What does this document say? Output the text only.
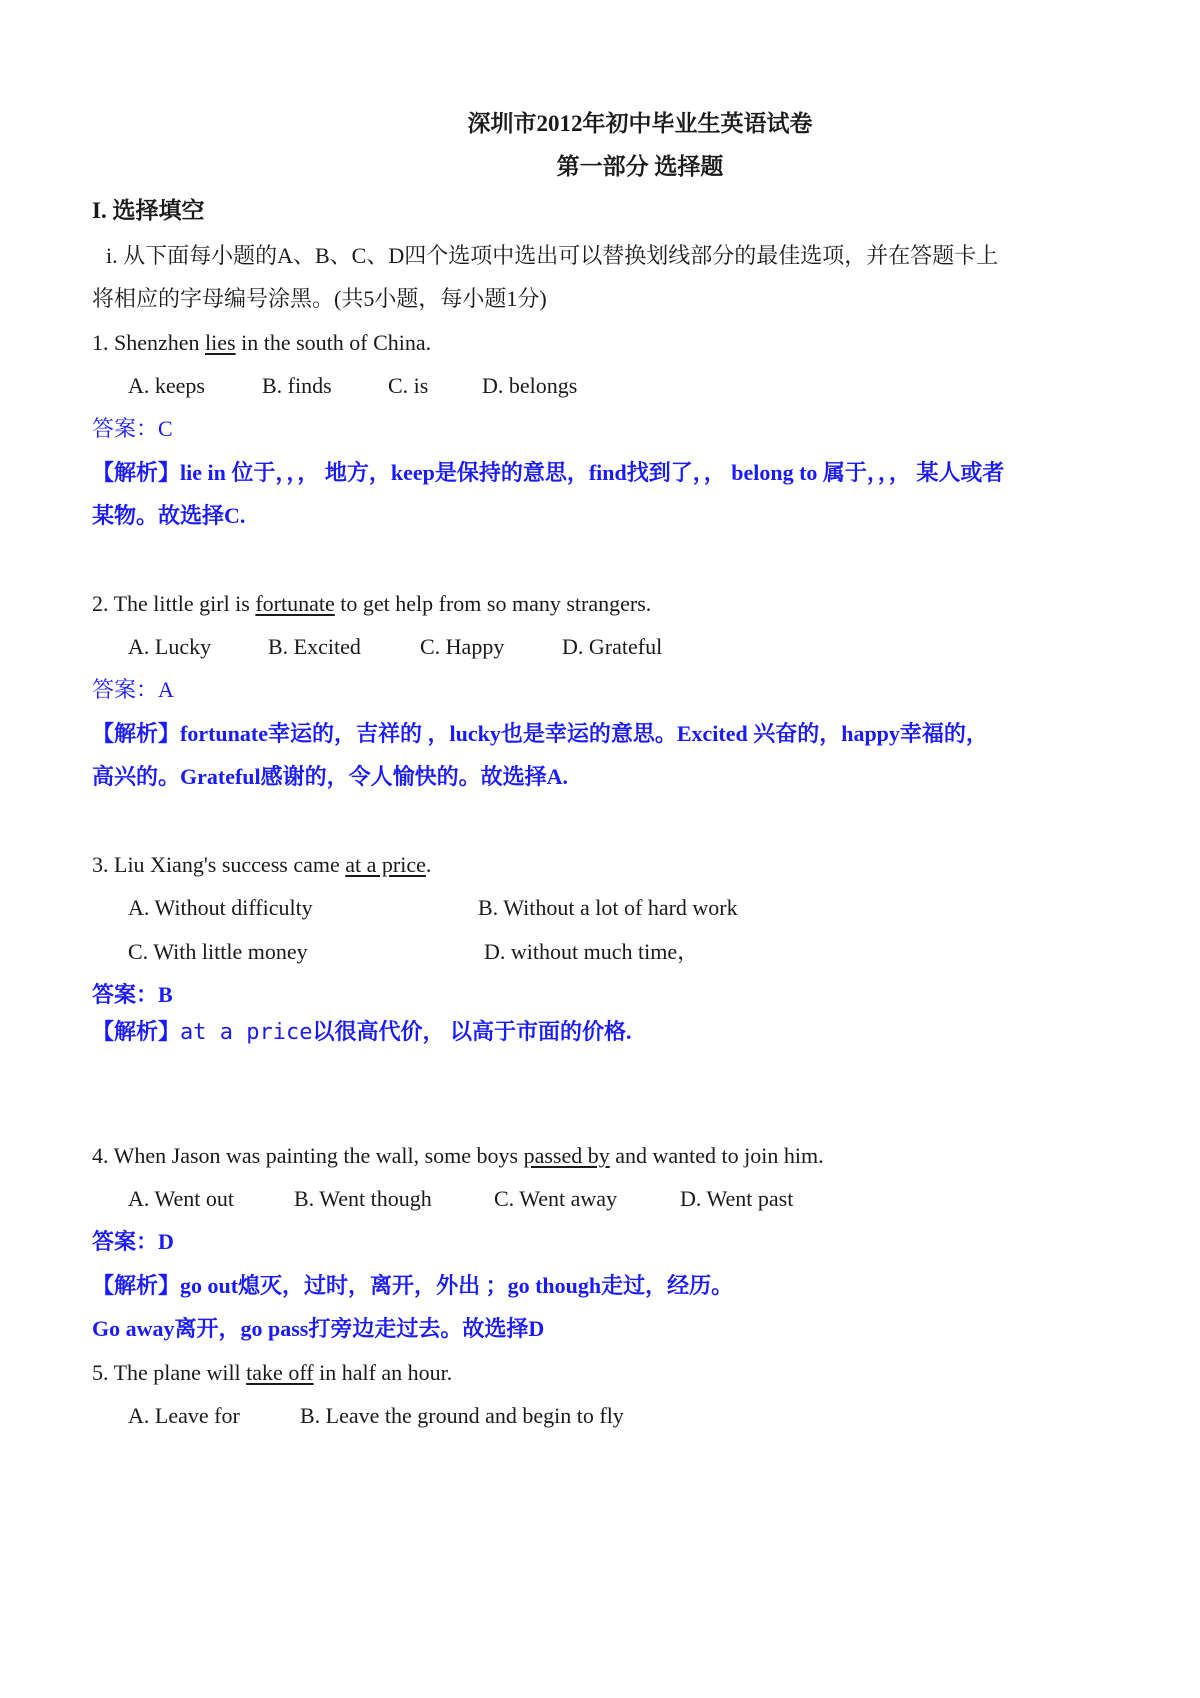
深圳市2012年初中毕业生英语试卷
第一部分 选择题
I. 选择填空
i. 从下面每小题的A、B、C、D四个选项中选出可以替换划线部分的最佳选项，并在答题卡上
将相应的字母编号涂黑。(共5小题，每小题1分)
1. Shenzhen lies in the south of China.
A. keeps	B. finds	C. is D. belongs
答案：C
【解析】lie in 位于，，， 地方，keep是保持的意思，find找到了，， belong to 属于，，， 某人或者
某物。故选择C.
2. The little girl is fortunate to get help from so many strangers.
A. Lucky	B. Excited	C. Happy	D. Grateful
答案：A
【解析】fortunate幸运的，吉祥的 ，lucky也是幸运的意思。Excited 兴奋的，happy幸福的，
高兴的。Grateful感谢的，令人愉快的。故选择A.
3. Liu Xiang's success came at a price.
A. Without difficulty	B. Without a lot of hard work
C. With little money	D. without much time，
答案：B
【解析】at a price以很高代价， 以高于市面的价格.
4. When Jason was painting the wall, some boys passed by and wanted to join him.
A. Went out	B. Went though	C. Went away	D. Went past
答案：D
【解析】go out熄灭，过时，离开，外出 ；go though走过，经历。
Go away离开，go pass打旁边走过去。故选择D
5. The plane will take off in half an hour.
A. Leave for	B. Leave the ground and begin to fly
